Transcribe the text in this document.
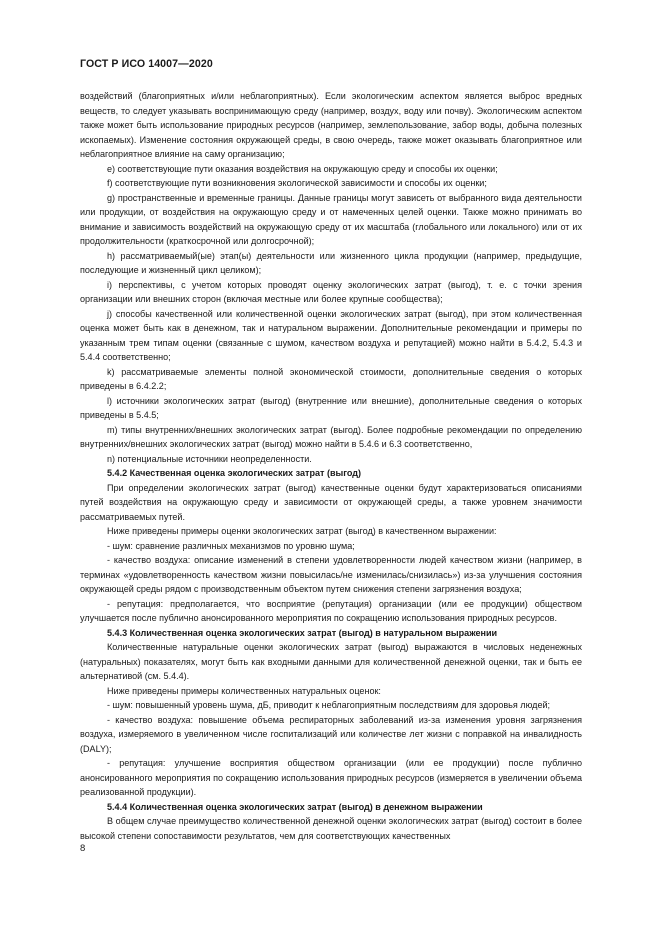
ГОСТ Р ИСО 14007—2020

воздействий (благоприятных и/или неблагоприятных). Если экологическим аспектом является выброс вредных веществ, то следует указывать воспринимающую среду (например, воздух, воду или почву). Экологическим аспектом также может быть использование природных ресурсов (например, землепользование, забор воды, добыча полезных ископаемых). Изменение состояния окружающей среды, в свою очередь, также может оказывать благоприятное или неблагоприятное влияние на саму организацию;

e) соответствующие пути оказания воздействия на окружающую среду и способы их оценки;

f) соответствующие пути возникновения экологической зависимости и способы их оценки;

g) пространственные и временные границы. Данные границы могут зависеть от выбранного вида деятельности или продукции, от воздействия на окружающую среду и от намеченных целей оценки. Также можно принимать во внимание и зависимость воздействий на окружающую среду от их масштаба (глобального или локального) или от их продолжительности (краткосрочной или долгосрочной);

h) рассматриваемый(ые) этап(ы) деятельности или жизненного цикла продукции (например, предыдущие, последующие и жизненный цикл целиком);

i) перспективы, с учетом которых проводят оценку экологических затрат (выгод), т. е. с точки зрения организации или внешних сторон (включая местные или более крупные сообщества);

j) способы качественной или количественной оценки экологических затрат (выгод), при этом количественная оценка может быть как в денежном, так и натуральном выражении. Дополнительные рекомендации и примеры по указанным трем типам оценки (связанные с шумом, качеством воздуха и репутацией) можно найти в 5.4.2, 5.4.3 и 5.4.4 соответственно;

k) рассматриваемые элементы полной экономической стоимости, дополнительные сведения о которых приведены в 6.4.2.2;

l) источники экологических затрат (выгод) (внутренние или внешние), дополнительные сведения о которых приведены в 5.4.5;

m) типы внутренних/внешних экологических затрат (выгод). Более подробные рекомендации по определению внутренних/внешних экологических затрат (выгод) можно найти в 5.4.6 и 6.3 соответственно,

n) потенциальные источники неопределенности.

5.4.2 Качественная оценка экологических затрат (выгод)

При определении экологических затрат (выгод) качественные оценки будут характеризоваться описаниями путей воздействия на окружающую среду и зависимости от окружающей среды, а также уровнем значимости рассматриваемых путей.

Ниже приведены примеры оценки экологических затрат (выгод) в качественном выражении:

- шум: сравнение различных механизмов по уровню шума;

- качество воздуха: описание изменений в степени удовлетворенности людей качеством жизни (например, в терминах «удовлетворенность качеством жизни повысилась/не изменилась/снизилась») из-за улучшения состояния окружающей среды рядом с производственным объектом путем снижения степени загрязнения воздуха;

- репутация: предполагается, что восприятие (репутация) организации (или ее продукции) обществом улучшается после публично анонсированного мероприятия по сокращению использования природных ресурсов.

5.4.3 Количественная оценка экологических затрат (выгод) в натуральном выражении

Количественные натуральные оценки экологических затрат (выгод) выражаются в числовых неденежных (натуральных) показателях, могут быть как входными данными для количественной денежной оценки, так и быть ее альтернативой (см. 5.4.4).

Ниже приведены примеры количественных натуральных оценок:

- шум: повышенный уровень шума, дБ, приводит к неблагоприятным последствиям для здоровья людей;

- качество воздуха: повышение объема респираторных заболеваний из-за изменения уровня загрязнения воздуха, измеряемого в увеличенном числе госпитализаций или количестве лет жизни с поправкой на инвалидность (DALY);

- репутация: улучшение восприятия обществом организации (или ее продукции) после публично анонсированного мероприятия по сокращению использования природных ресурсов (измеряется в увеличении объема реализованной продукции).

5.4.4 Количественная оценка экологических затрат (выгод) в денежном выражении

В общем случае преимущество количественной денежной оценки экологических затрат (выгод) состоит в более высокой степени сопоставимости результатов, чем для соответствующих качественных

8
